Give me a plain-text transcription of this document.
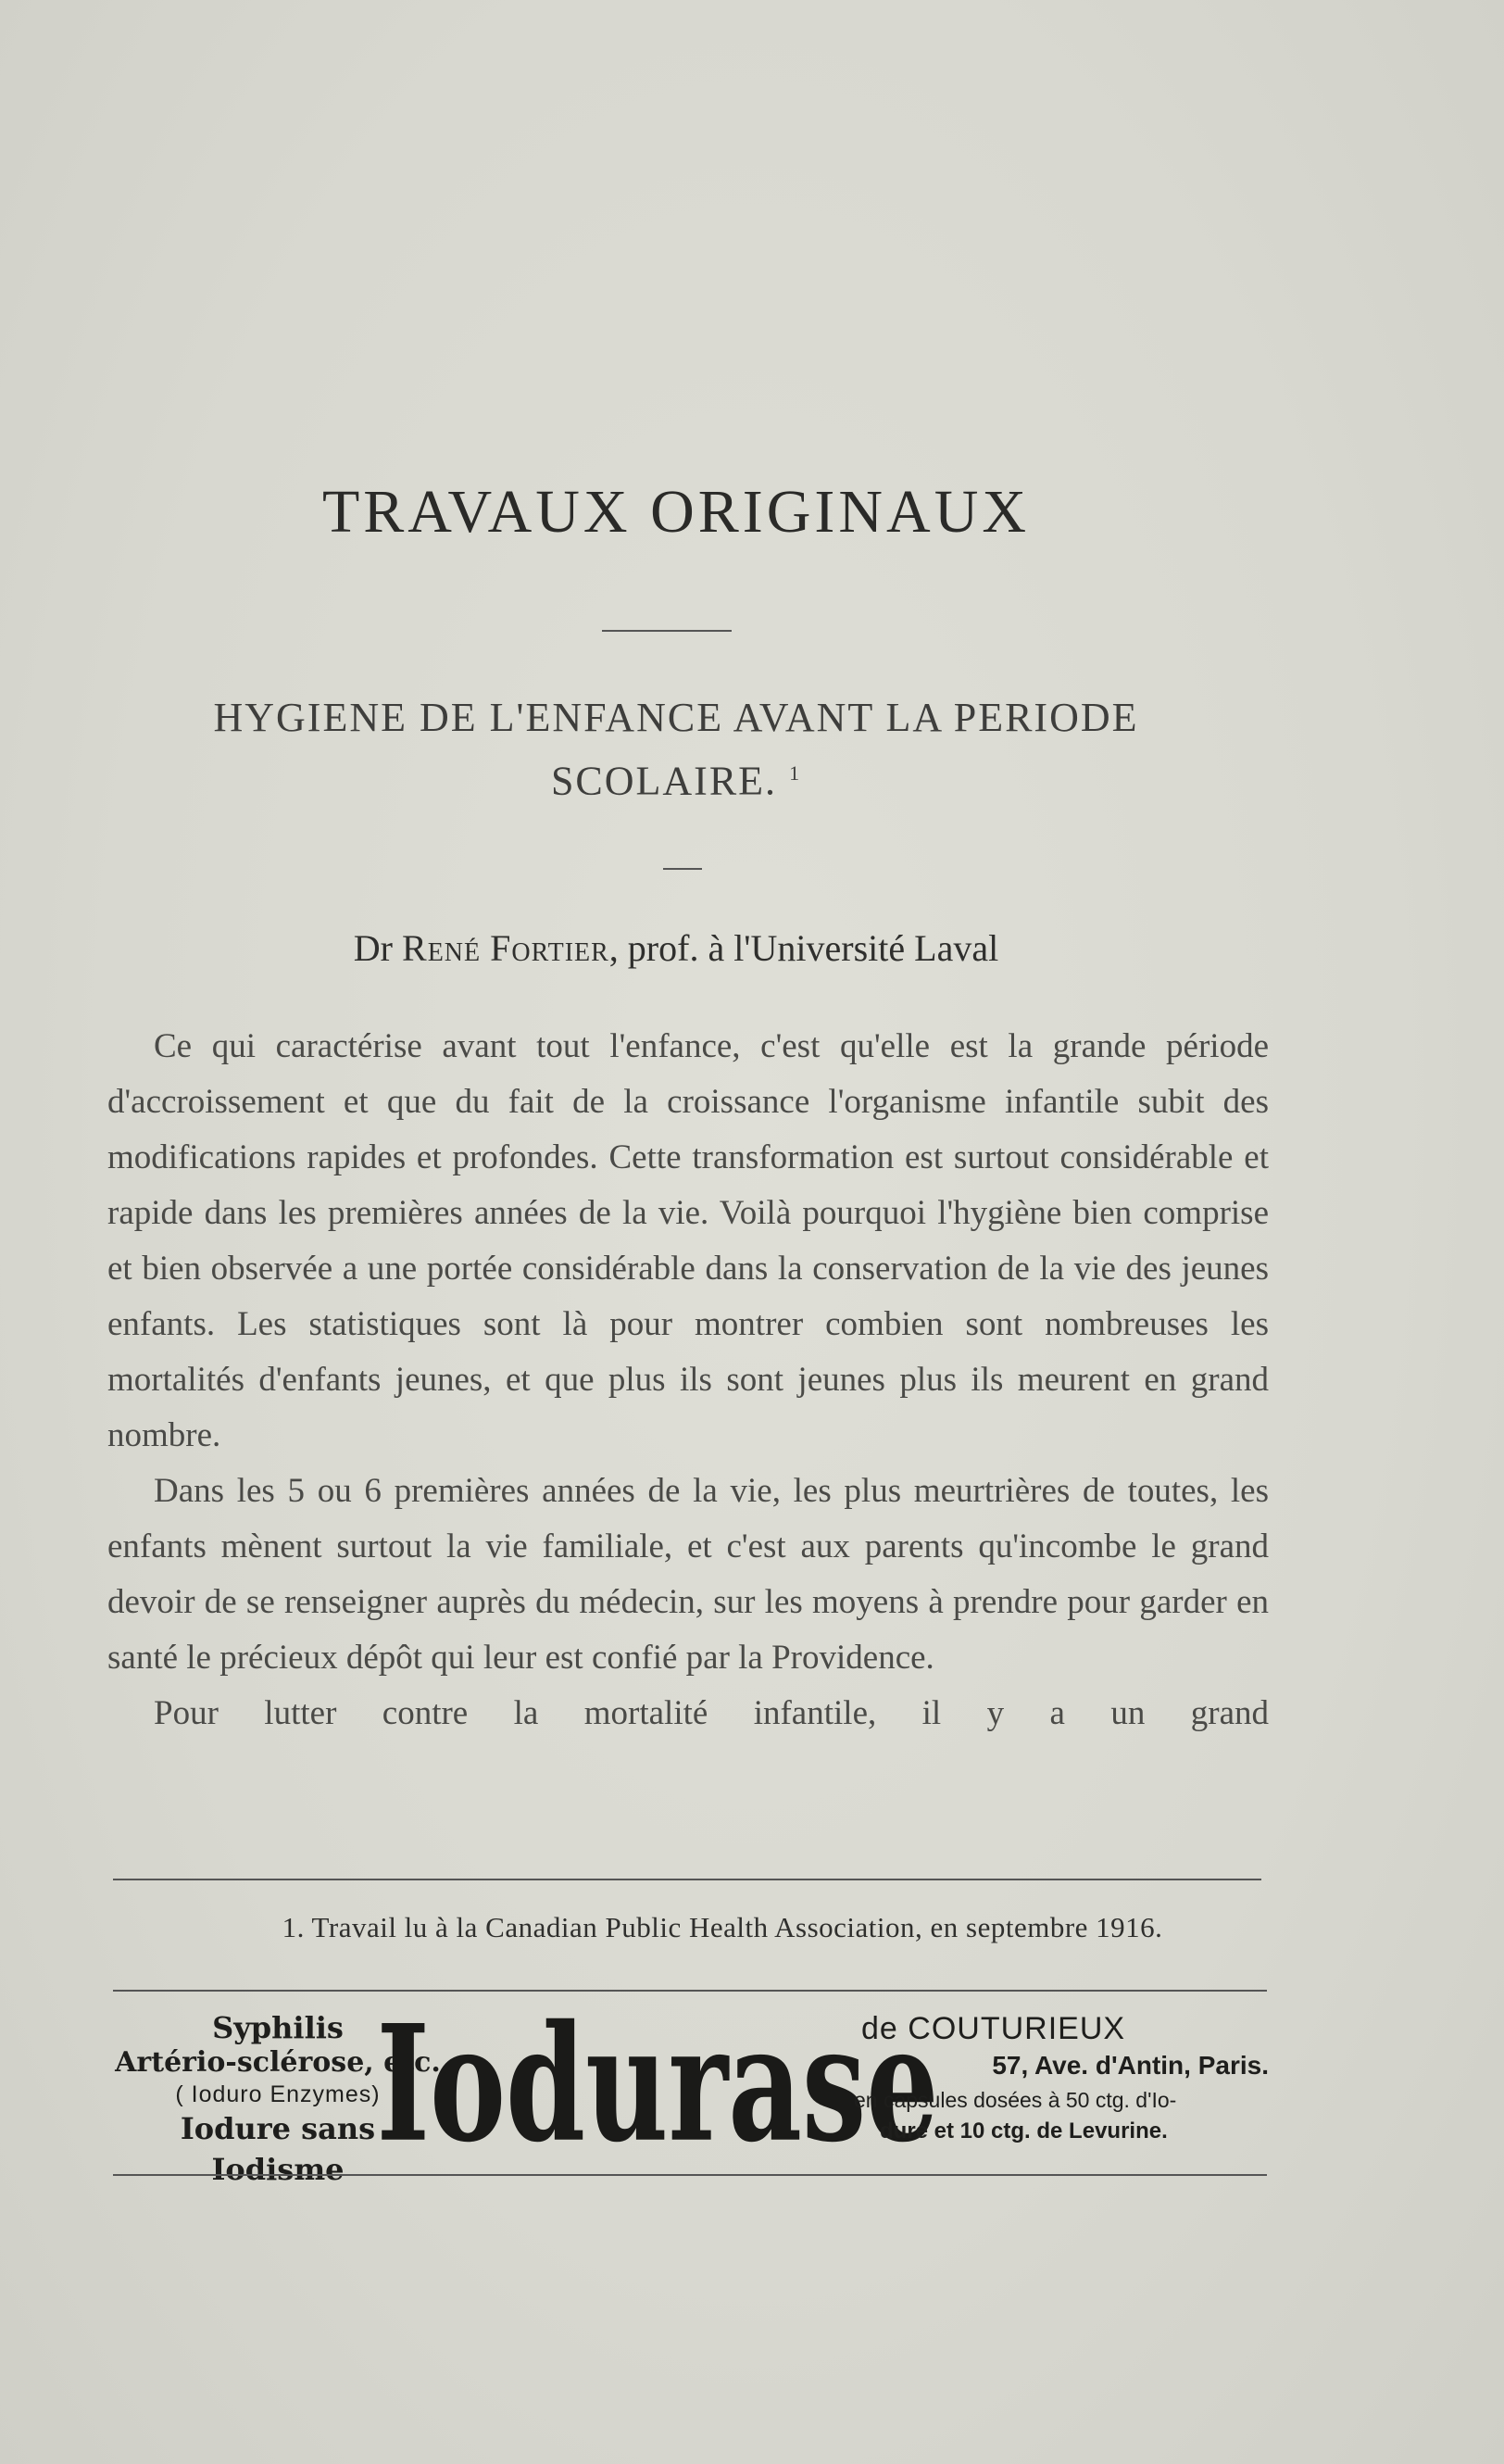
TRAVAUX ORIGINAUX
HYGIENE DE L'ENFANCE AVANT LA PERIODE
SCOLAIRE. $^1$
Dr René Fortier, prof. à l'Université Laval

Ce qui caractérise avant tout l'enfance, c'est qu'elle est la grande période d'accroissement et que du fait de la croissance l'organisme infantile subit des modifications rapides et profondes. Cette transformation est surtout considérable et rapide dans les premières années de la vie. Voilà pourquoi l'hygiène bien comprise et bien observée a une portée considérable dans la conservation de la vie des jeunes enfants. Les statistiques sont là pour montrer combien sont nombreuses les mortalités d'enfants jeunes, et que plus ils sont jeunes plus ils meurent en grand nombre.

Dans les 5 ou 6 premières années de la vie, les plus meurtrières de toutes, les enfants mènent surtout la vie familiale, et c'est aux parents qu'incombe le grand devoir de se renseigner auprès du médecin, sur les moyens à prendre pour garder en santé le précieux dépôt qui leur est confié par la Providence.

Pour lutter contre la mortalité infantile, il y a un grand

1. Travail lu à la Canadian Public Health Association, en septembre 1916.
Syphilis
Artério-sclérose, etc.
( Ioduro Enzymes)
Iodure sans Iodisme Iodurase
de COUTURIEUX
57, Ave. d'Antin, Paris.
en capsules dosées à 50 ctg. d'Io-
dure et 10 ctg. de Levurine.
